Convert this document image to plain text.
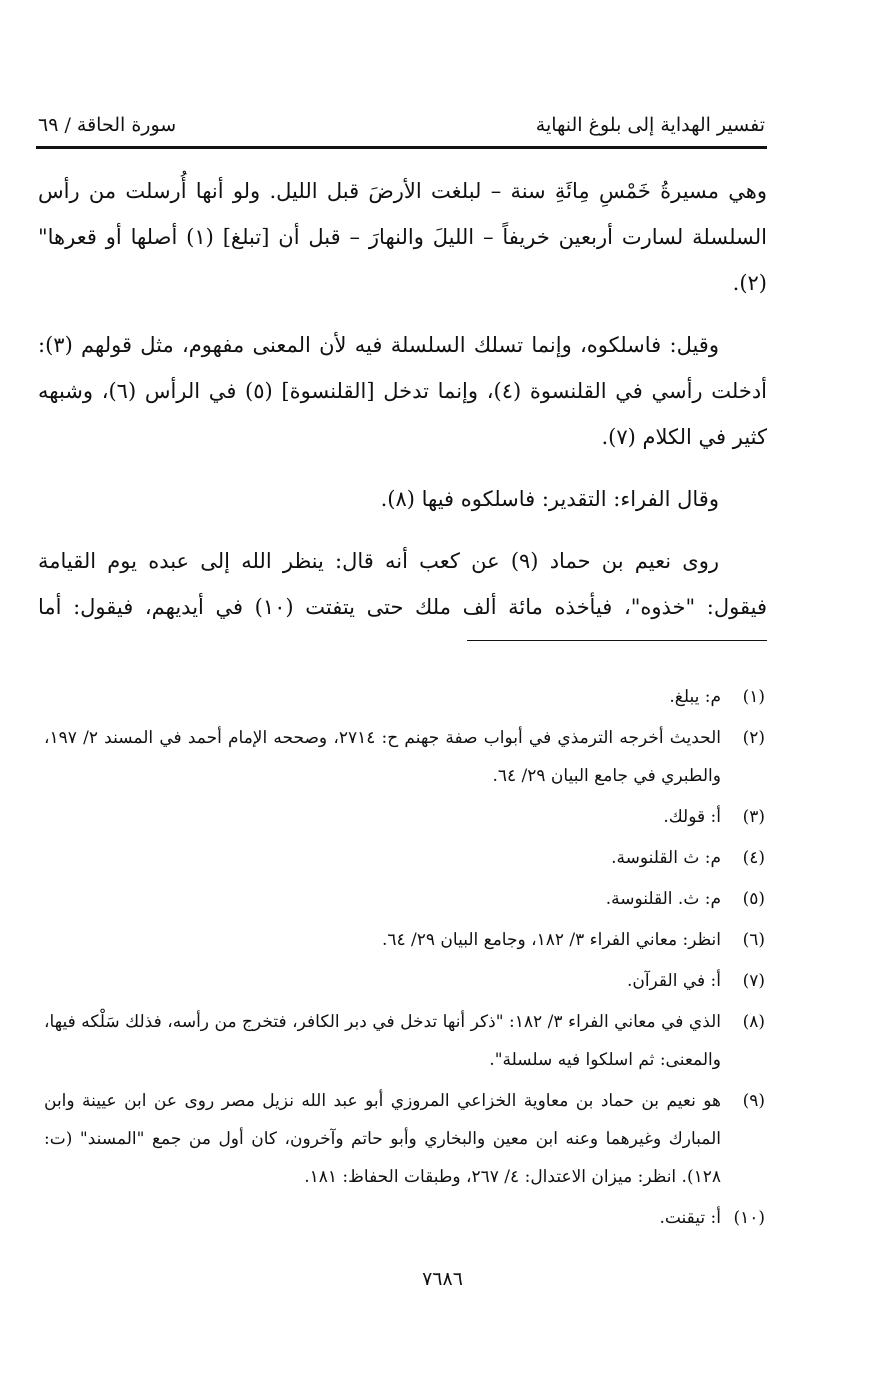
تفسير الهداية إلى بلوغ النهاية
سورة الحاقة / ٦٩

وهي مسيرةُ خَمْسِ مِائَةِ سنة – لبلغت الأرضَ قبل الليل. ولو أنها أُرسلت من رأس السلسلة لسارت أربعين خريفاً – الليلَ والنهارَ – قبل أن [تبلغ] (١) أصلها أو قعرها" (٢).

وقيل: فاسلكوه، وإنما تسلك السلسلة فيه لأن المعنى مفهوم، مثل قولهم (٣): أدخلت رأسي في القلنسوة (٤)، وإنما تدخل [القلنسوة] (٥) في الرأس (٦)، وشبهه كثير في الكلام (٧).

وقال الفراء: التقدير: فاسلكوه فيها (٨).

روى نعيم بن حماد (٩) عن كعب أنه قال: ينظر الله إلى عبده يوم القيامة فيقول: "خذوه"، فيأخذه مائة ألف ملك حتى يتفتت (١٠) في أيديهم، فيقول: أما

(١)
م: يبلغ.
(٢)
الحديث أخرجه الترمذي في أبواب صفة جهنم ح: ٢٧١٤، وصححه الإمام أحمد في المسند ٢/ ١٩٧، والطبري في جامع البيان ٢٩/ ٦٤.
(٣)
أ: قولك.
(٤)
م: ث القلنوسة.
(٥)
م: ث. القلنوسة.
(٦)
انظر: معاني الفراء ٣/ ١٨٢، وجامع البيان ٢٩/ ٦٤.
(٧)
أ: في القرآن.
(٨)
الذي في معاني الفراء ٣/ ١٨٢: "ذكر أنها تدخل في دبر الكافر، فتخرج من رأسه، فذلك سَلْكه فيها، والمعنى: ثم اسلكوا فيه سلسلة".
(٩)
هو نعيم بن حماد بن معاوية الخزاعي المروزي أبو عبد الله نزيل مصر روى عن ابن عيينة وابن المبارك وغيرهما وعنه ابن معين والبخاري وأبو حاتم وآخرون، كان أول من جمع "المسند" (ت: ١٢٨). انظر: ميزان الاعتدال: ٤/ ٢٦٧، وطبقات الحفاظ: ١٨١.
(١٠)
أ: تيقنت.
٧٦٨٦
